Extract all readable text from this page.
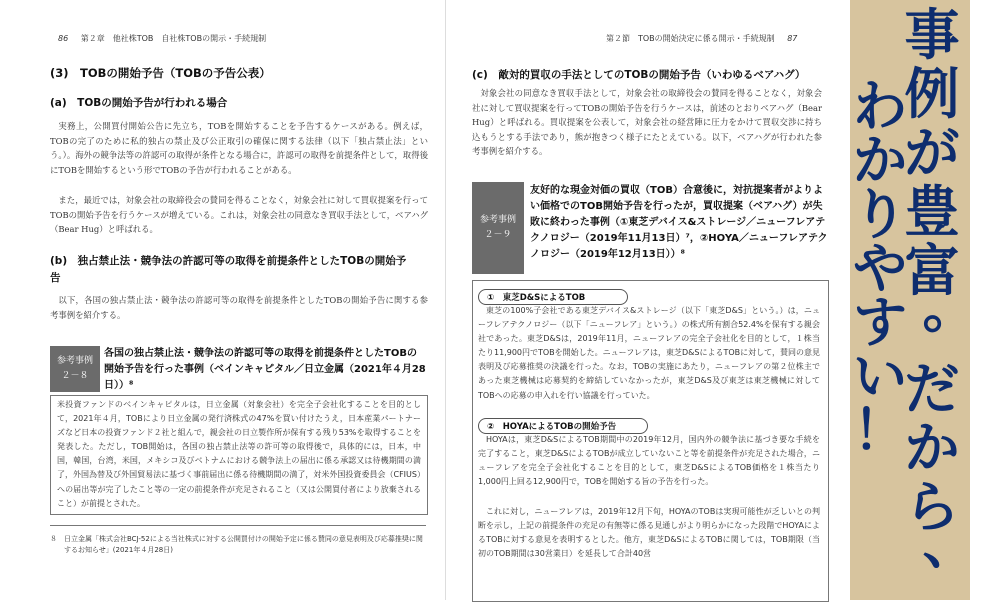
86 第２章　他社株TOB　自社株TOBの開示・手続規制
(3)　TOBの開始予告（TOBの予告公表）
(a)　TOBの開始予告が行われる場合

実務上，公開買付開始公告に先立ち，TOBを開始することを予告するケースがある。例えば，TOBの完了のために私的独占の禁止及び公正取引の確保に関する法律（以下「独占禁止法」という。）。海外の競争法等の許認可の取得が条件となる場合に，許認可の取得を前提条件として，取得後にTOBを開始するという形でTOBの予告が行われることがある。

また，最近では，対象会社の取締役会の賛同を得ることなく，対象会社に対して買収提案を行ってTOBの開始予告を行うケースが増えている。これは，対象会社の同意なき買収手法として，ベアハグ（Bear Hug）と呼ばれる。

(b)　独占禁止法・競争法の許認可等の取得を前提条件としたTOBの開始予告

以下，各国の独占禁止法・競争法の許認可等の取得を前提条件としたTOBの開始予告に関する参考事例を紹介する。

参考事例
２－８
各国の独占禁止法・競争法の許認可等の取得を前提条件としたTOBの開始予告を行った事例（ベインキャピタル／日立金属（2021年４月28日））⁸

米投資ファンドのベインキャピタルは，日立金属（対象会社）を完全子会社化することを目的として，2021年４月，TOBにより日立金属の発行済株式の47%を買い付けたうえ，日本産業パートナーズなど日本の投資ファンド２社と組んで，親会社の日立製作所が保有する残り53%を取得することを発表した。ただし，TOB開始は，各国の独占禁止法等の許可等の取得後で，具体的には，日本，中国，韓国，台湾，米国，メキシコ及びベトナムにおける競争法上の届出に係る承認又は待機期間の満了，外国為替及び外国貿易法に基づく事前届出に係る待機期間の満了，対米外国投資委員会（CFIUS）への届出等が完了したこと等の一定の前提条件が充足されること（又は公開買付者により放棄されること）が前提とされた。

８ 日立金属「株式会社BCJ-52による当社株式に対する公開買付けの開始予定に係る賛同の意見表明及び応募推奨に関するお知らせ」(2021年４月28日)
第２節　TOBの開始決定に係る開示・手続規制 87
(c)　敵対的買収の手法としてのTOBの開始予告（いわゆるベアハグ）

対象会社の同意なき買収手法として，対象会社の取締役会の賛同を得ることなく，対象会社に対して買収提案を行ってTOBの開始予告を行うケースは，前述のとおりベアハグ（Bear Hug）と呼ばれる。買収提案を公表して，対象会社の経営陣に圧力をかけて買収交渉に持ち込もうとする手法であり，熊が抱きつく様子にたとえている。以下，ベアハグが行われた参考事例を紹介する。

参考事例
２－９
友好的な現金対価の買収（TOB）合意後に，対抗提案者がよりよい価格でのTOB開始予告を行ったが，買収提案（ベアハグ）が失敗に終わった事例（①東芝デバイス&ストレージ／ニューフレアテクノロジー（2019年11月13日）⁷，②HOYA／ニューフレアテクノロジー（2019年12月13日））⁸
①　東芝D&SによるTOB

東芝の100%子会社である東芝デバイス&ストレージ（以下「東芝D&S」という。）は，ニューフレアテクノロジー（以下「ニューフレア」という。）の株式所有割合52.4%を保有する親会社であった。東芝D&Sは，2019年11月，ニューフレアの完全子会社化を目的として，１株当たり11,900円でTOBを開始した。ニューフレアは，東芝D&SによるTOBに対して，賛同の意見表明及び応募推奨の決議を行った。なお，TOBの実施にあたり，ニューフレアの第２位株主であった東芝機械は応募契約を締結していなかったが，東芝D&S及び東芝は東芝機械に対してTOBへの応募の申入れを行い協議を行っていた。

②　HOYAによるTOBの開始予告

HOYAは，東芝D&SによるTOB期間中の2019年12月，国内外の競争法に基づき要な手続を完了すること，東芝D&SによるTOBが成立していないこと等を前提条件が充足された場合，ニューフレアを完全子会社化することを目的として，東芝D&SによるTOB価格を１株当たり1,000円上回る12,900円で，TOBを開始する旨の予告を行った。

これに対し，ニューフレアは，2019年12月下旬，HOYAのTOBは実現可能性が乏しいとの判断を示し，上記の前提条件の充足の有無等に係る見通しがより明らかになった段階でHOYAによるTOBに対する意見を表明するとした。他方，東芝D&SによるTOBに関しては，TOB期限（当初のTOB期間は30営業日）を延長して合計40営

事
例
が
豊
富
。
だ
か
ら
、
わ
か
り
や
す
い
！
